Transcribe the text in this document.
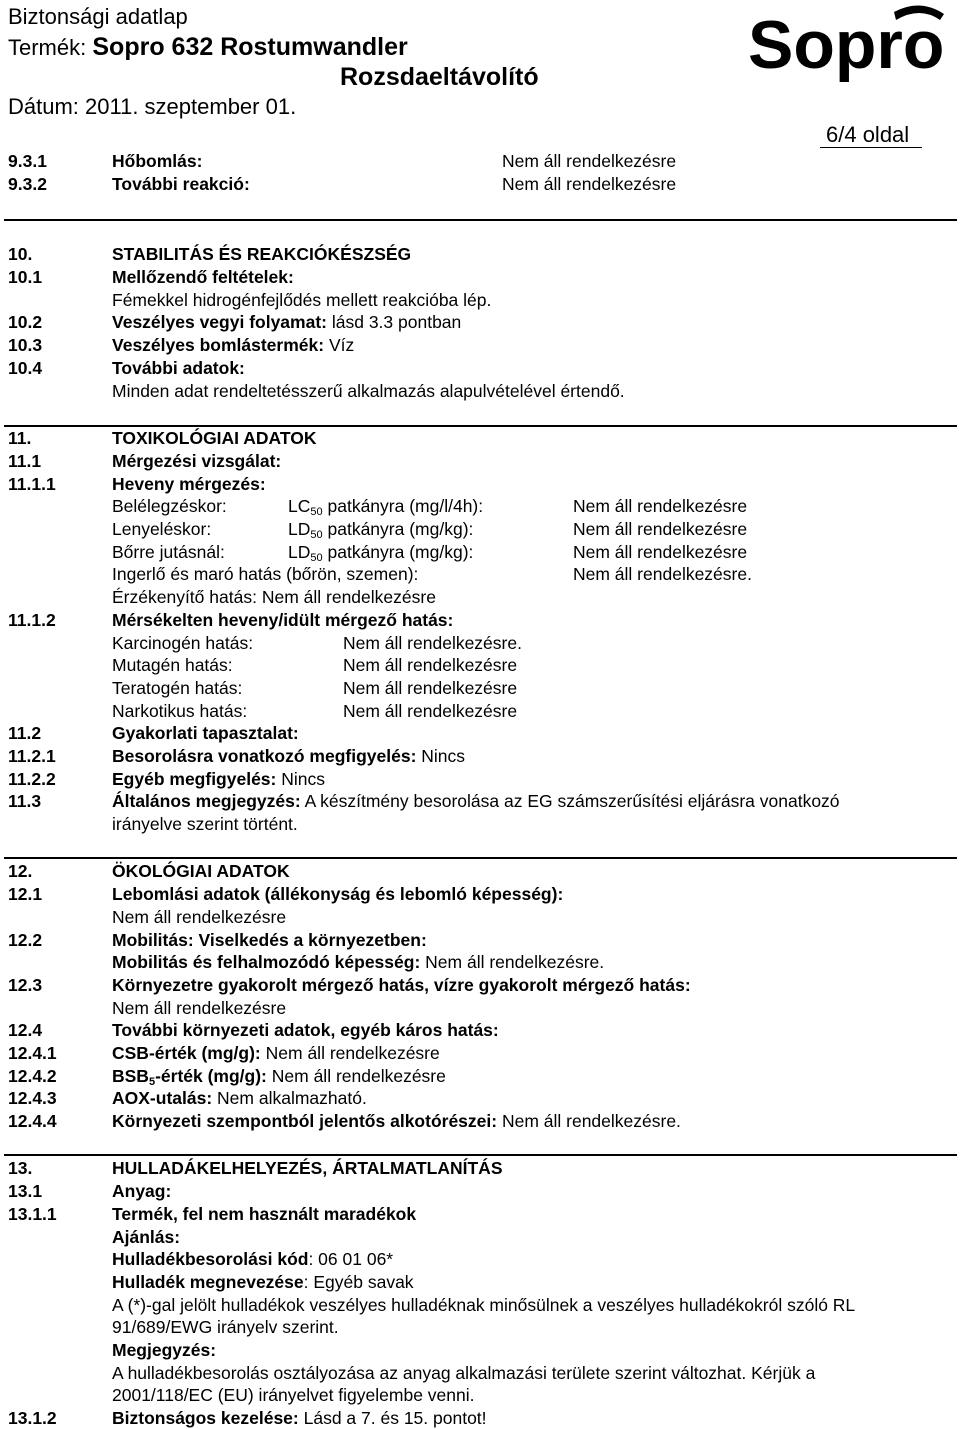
Biztonsági adatlap
Termék: Sopro 632 Rostumwandler
Rozsdaeltávolító
Dátum: 2011. szeptember 01.
Sopro
6/4 oldal
9.3.1	Hőbomlás:	Nem áll rendelkezésre
9.3.2	További reakció:	Nem áll rendelkezésre
10.	STABILITÁS ÉS REAKCIÓKÉSZSÉG
10.1	Mellőzendő feltételek:
Fémekkel hidrogénfejlődés mellett reakcióba lép.
10.2	Veszélyes vegyi folyamat: lásd 3.3 pontban
10.3	Veszélyes bomlástermék: Víz
10.4	További adatok:
Minden adat rendeltetésszerű alkalmazás alapulvételével értendő.
11.	TOXIKOLÓGIAI ADATOK
11.1	Mérgezési vizsgálat:
11.1.1	Heveny mérgezés:
Belélegzéskor:	$LC_{50}$ patkányra (mg/l/4h):	Nem áll rendelkezésre
Lenyeléskor:	$LD_{50}$ patkányra (mg/kg):	Nem áll rendelkezésre
Bőrre jutásnál:	$LD_{50}$ patkányra (mg/kg):	Nem áll rendelkezésre
Ingerlő és maró hatás (bőrön, szemen):	Nem áll rendelkezésre.
Érzékenyítő hatás: Nem áll rendelkezésre
11.1.2	Mérsékelten heveny/idült mérgező hatás:
Karcinogén hatás:	Nem áll rendelkezésre.
Mutagén hatás:	Nem áll rendelkezésre
Teratogén hatás:	Nem áll rendelkezésre
Narkotikus hatás:	Nem áll rendelkezésre
11.2	Gyakorlati tapasztalat:
11.2.1	Besorolásra vonatkozó megfigyelés: Nincs
11.2.2	Egyéb megfigyelés: Nincs
11.3	Általános megjegyzés: A készítmény besorolása az EG számszerűsítési eljárásra vonatkozó
irányelve szerint történt.
12.	ÖKOLÓGIAI ADATOK
12.1	Lebomlási adatok (állékonyság és lebomló képesség):
Nem áll rendelkezésre
12.2	Mobilitás: Viselkedés a környezetben:
Mobilitás és felhalmozódó képesség: Nem áll rendelkezésre.
12.3	Környezetre gyakorolt mérgező hatás, vízre gyakorolt mérgező hatás:
Nem áll rendelkezésre
12.4	További környezeti adatok, egyéb káros hatás:
12.4.1	CSB-érték (mg/g): Nem áll rendelkezésre
12.4.2	$BSB_5$-érték (mg/g): Nem áll rendelkezésre
12.4.3	AOX-utalás: Nem alkalmazható.
12.4.4	Környezeti szempontból jelentős alkotórészei: Nem áll rendelkezésre.
13.	HULLADÁKELHELYEZÉS, ÁRTALMATLANÍTÁS
13.1	Anyag:
13.1.1	Termék, fel nem használt maradékok
Ajánlás:
Hulladékbesorolási kód: 06 01 06*
Hulladék megnevezése: Egyéb savak
A (*)-gal jelölt hulladékok veszélyes hulladéknak minősülnek a veszélyes hulladékokról szóló RL
91/689/EWG irányelv szerint.
Megjegyzés:
A hulladékbesorolás osztályozása az anyag alkalmazási területe szerint változhat. Kérjük a
2001/118/EC (EU) irányelvet figyelembe venni.
13.1.2	Biztonságos kezelése: Lásd a 7. és 15. pontot!
